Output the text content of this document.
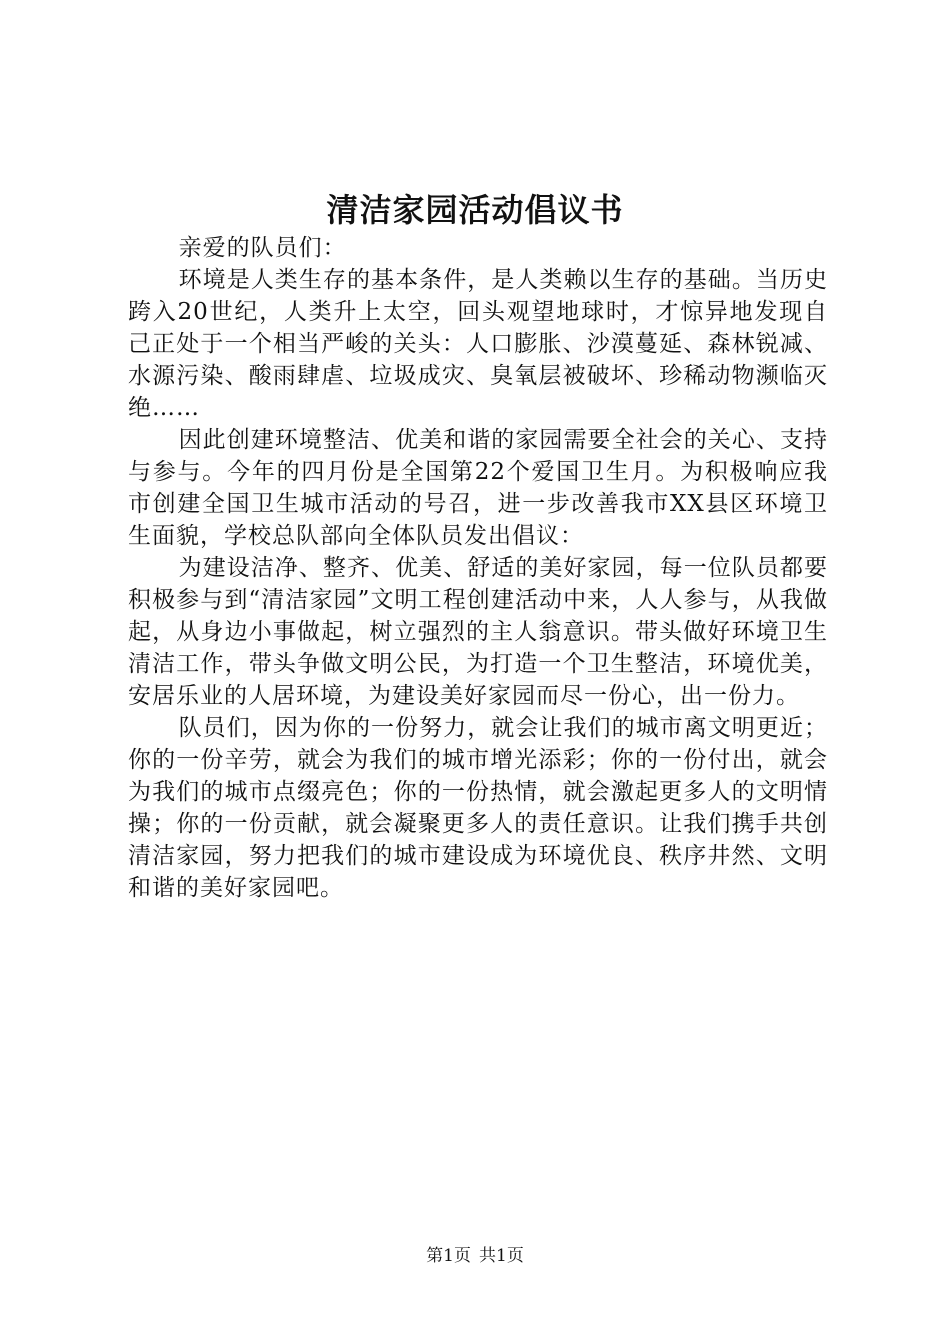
清洁家园活动倡议书

亲爱的队员们：

环境是人类生存的基本条件，是人类赖以生存的基础。当历史跨入20世纪，人类升上太空，回头观望地球时，才惊异地发现自己正处于一个相当严峻的关头：人口膨胀、沙漠蔓延、森林锐减、水源污染、酸雨肆虐、垃圾成灾、臭氧层被破坏、珍稀动物濒临灭绝……

因此创建环境整洁、优美和谐的家园需要全社会的关心、支持与参与。今年的四月份是全国第22个爱国卫生月。为积极响应我市创建全国卫生城市活动的号召，进一步改善我市XX县区环境卫生面貌，学校总队部向全体队员发出倡议：

为建设洁净、整齐、优美、舒适的美好家园，每一位队员都要积极参与到“清洁家园”文明工程创建活动中来，人人参与，从我做起，从身边小事做起，树立强烈的主人翁意识。带头做好环境卫生清洁工作，带头争做文明公民，为打造一个卫生整洁，环境优美，安居乐业的人居环境，为建设美好家园而尽一份心，出一份力。

队员们，因为你的一份努力，就会让我们的城市离文明更近；你的一份辛劳，就会为我们的城市增光添彩；你的一份付出，就会为我们的城市点缀亮色；你的一份热情，就会激起更多人的文明情操；你的一份贡献，就会凝聚更多人的责任意识。让我们携手共创清洁家园，努力把我们的城市建设成为环境优良、秩序井然、文明和谐的美好家园吧。

第1页 共1页
